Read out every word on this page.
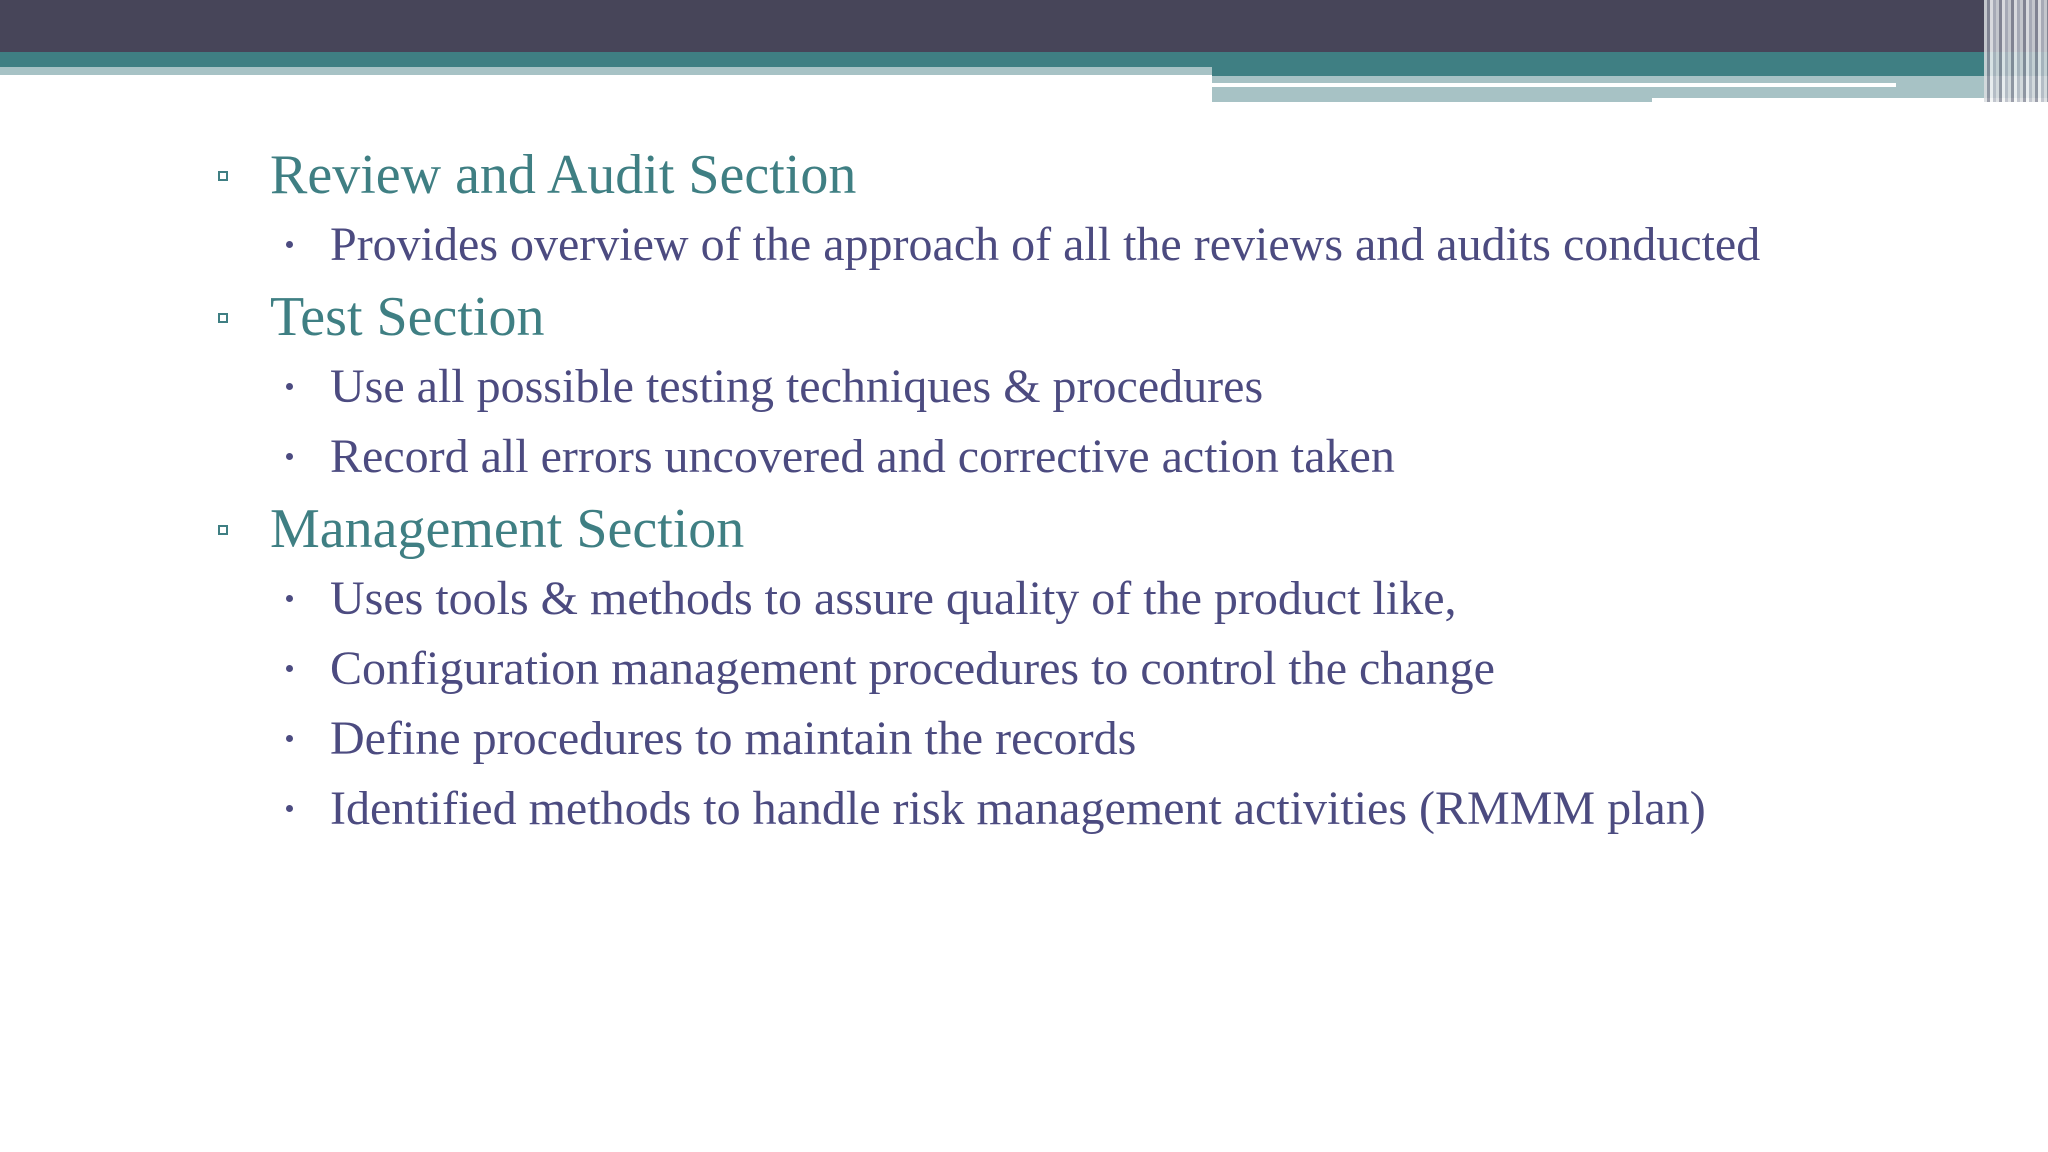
Review and Audit Section
Provides overview of the approach of all the reviews and audits conducted
Test Section
Use all possible testing techniques & procedures
Record all errors uncovered and corrective action taken
Management Section
Uses tools & methods to assure quality of the product like,
Configuration management procedures to control the change
Define procedures to maintain the records
Identified methods to handle risk management activities (RMMM plan)
